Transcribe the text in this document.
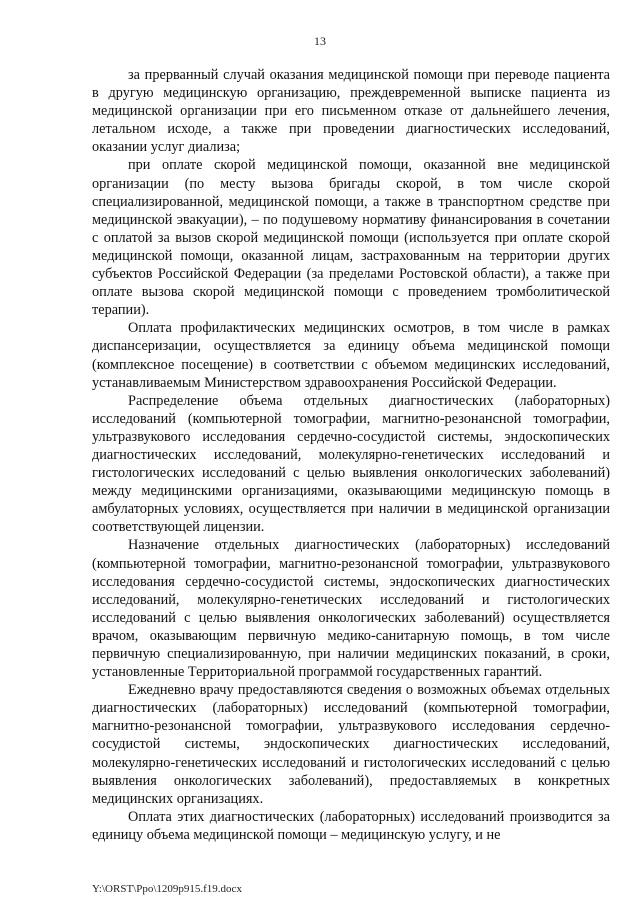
13

за прерванный случай оказания медицинской помощи при переводе пациента в другую медицинскую организацию, преждевременной выписке пациента из медицинской организации при его письменном отказе от дальнейшего лечения, летальном исходе, а также при проведении диагностических исследований, оказании услуг диализа;

при оплате скорой медицинской помощи, оказанной вне медицинской организации (по месту вызова бригады скорой, в том числе скорой специализированной, медицинской помощи, а также в транспортном средстве при медицинской эвакуации), – по подушевому нормативу финансирования в сочетании с оплатой за вызов скорой медицинской помощи (используется при оплате скорой медицинской помощи, оказанной лицам, застрахованным на территории других субъектов Российской Федерации (за пределами Ростовской области), а также при оплате вызова скорой медицинской помощи с проведением тромболитической терапии).

Оплата профилактических медицинских осмотров, в том числе в рамках диспансеризации, осуществляется за единицу объема медицинской помощи (комплексное посещение) в соответствии с объемом медицинских исследований, устанавливаемым Министерством здравоохранения Российской Федерации.

Распределение объема отдельных диагностических (лабораторных) исследований (компьютерной томографии, магнитно-резонансной томографии, ультразвукового исследования сердечно-сосудистой системы, эндоскопических диагностических исследований, молекулярно-генетических исследований и гистологических исследований с целью выявления онкологических заболеваний) между медицинскими организациями, оказывающими медицинскую помощь в амбулаторных условиях, осуществляется при наличии в медицинской организации соответствующей лицензии.

Назначение отдельных диагностических (лабораторных) исследований (компьютерной томографии, магнитно-резонансной томографии, ультразвукового исследования сердечно-сосудистой системы, эндоскопических диагностических исследований, молекулярно-генетических исследований и гистологических исследований с целью выявления онкологических заболеваний) осуществляется врачом, оказывающим первичную медико-санитарную помощь, в том числе первичную специализированную, при наличии медицинских показаний, в сроки, установленные Территориальной программой государственных гарантий.

Ежедневно врачу предоставляются сведения о возможных объемах отдельных диагностических (лабораторных) исследований (компьютерной томографии, магнитно-резонансной томографии, ультразвукового исследования сердечно-сосудистой системы, эндоскопических диагностических исследований, молекулярно-генетических исследований и гистологических исследований с целью выявления онкологических заболеваний), предоставляемых в конкретных медицинских организациях.

Оплата этих диагностических (лабораторных) исследований производится за единицу объема медицинской помощи – медицинскую услугу, и не

Y:\ORST\Ppo\1209p915.f19.docx
